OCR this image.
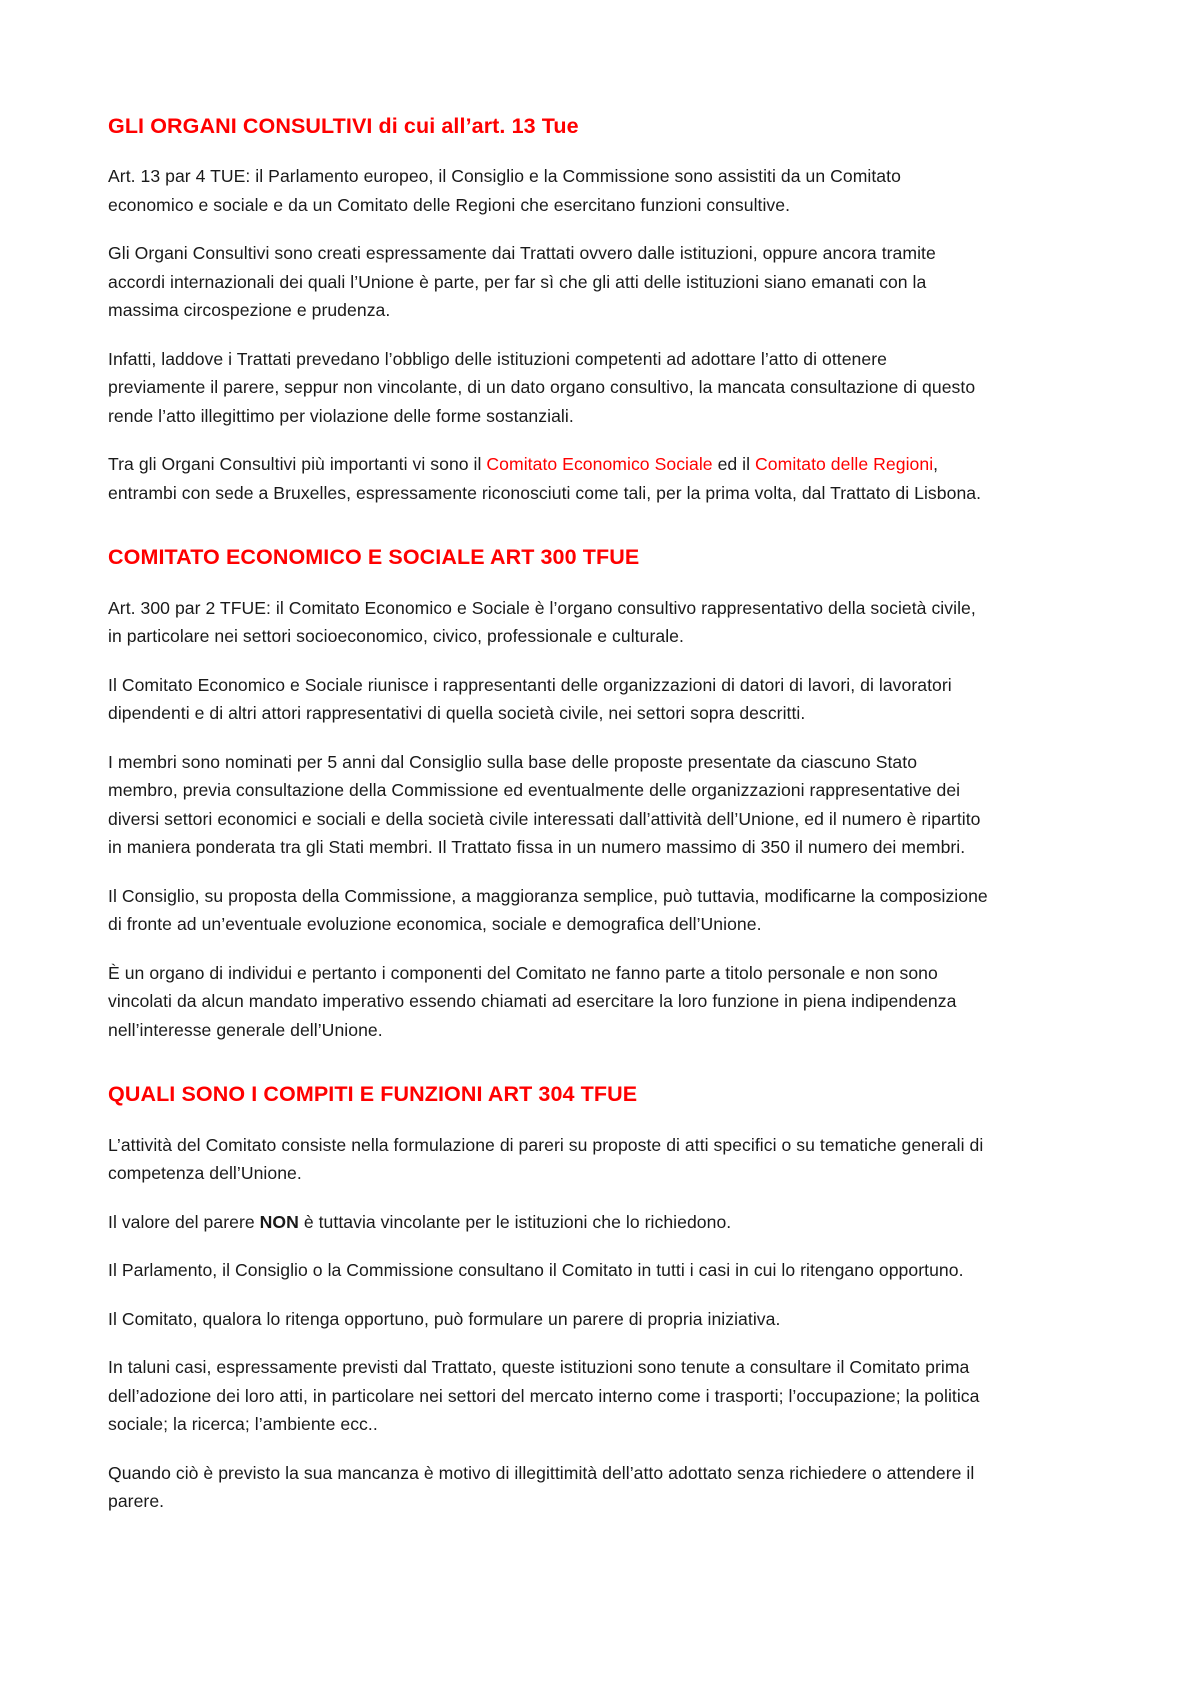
GLI ORGANI CONSULTIVI di cui all’art. 13 Tue

Art. 13 par 4 TUE: il Parlamento europeo, il Consiglio e la Commissione sono assistiti da un Comitato economico e sociale e da un Comitato delle Regioni che esercitano funzioni consultive.

Gli Organi Consultivi sono creati espressamente dai Trattati ovvero dalle istituzioni, oppure ancora tramite accordi internazionali dei quali l’Unione è parte, per far sì che gli atti delle istituzioni siano emanati con la massima circospezione e prudenza.

Infatti, laddove i Trattati prevedano l’obbligo delle istituzioni competenti ad adottare l’atto di ottenere previamente il parere, seppur non vincolante, di un dato organo consultivo, la mancata consultazione di questo rende l’atto illegittimo per violazione delle forme sostanziali.

Tra gli Organi Consultivi più importanti vi sono il Comitato Economico Sociale ed il Comitato delle Regioni, entrambi con sede a Bruxelles, espressamente riconosciuti come tali, per la prima volta, dal Trattato di Lisbona.

COMITATO ECONOMICO E SOCIALE ART 300 TFUE

Art. 300 par 2 TFUE: il Comitato Economico e Sociale è l’organo consultivo rappresentativo della società civile, in particolare nei settori socioeconomico, civico, professionale e culturale.

Il Comitato Economico e Sociale riunisce i rappresentanti delle organizzazioni di datori di lavori, di lavoratori dipendenti e di altri attori rappresentativi di quella società civile, nei settori sopra descritti.

I membri sono nominati per 5 anni dal Consiglio sulla base delle proposte presentate da ciascuno Stato membro, previa consultazione della Commissione ed eventualmente delle organizzazioni rappresentative dei diversi settori economici e sociali e della società civile interessati dall’attività dell’Unione, ed il numero è ripartito in maniera ponderata tra gli Stati membri. Il Trattato fissa in un numero massimo di 350 il numero dei membri.

Il Consiglio, su proposta della Commissione, a maggioranza semplice, può tuttavia, modificarne la composizione di fronte ad un’eventuale evoluzione economica, sociale e demografica dell’Unione.

È un organo di individui e pertanto i componenti del Comitato ne fanno parte a titolo personale e non sono vincolati da alcun mandato imperativo essendo chiamati ad esercitare la loro funzione in piena indipendenza nell’interesse generale dell’Unione.

QUALI SONO I COMPITI E FUNZIONI ART 304 TFUE

L’attività del Comitato consiste nella formulazione di pareri su proposte di atti specifici o su tematiche generali di competenza dell’Unione.

Il valore del parere NON è tuttavia vincolante per le istituzioni che lo richiedono.

Il Parlamento, il Consiglio o la Commissione consultano il Comitato in tutti i casi in cui lo ritengano opportuno.

Il Comitato, qualora lo ritenga opportuno, può formulare un parere di propria iniziativa.

In taluni casi, espressamente previsti dal Trattato, queste istituzioni sono tenute a consultare il Comitato prima dell’adozione dei loro atti, in particolare nei settori del mercato interno come i trasporti; l’occupazione; la politica sociale; la ricerca; l’ambiente ecc..

Quando ciò è previsto la sua mancanza è motivo di illegittimità dell’atto adottato senza richiedere o attendere il parere.
